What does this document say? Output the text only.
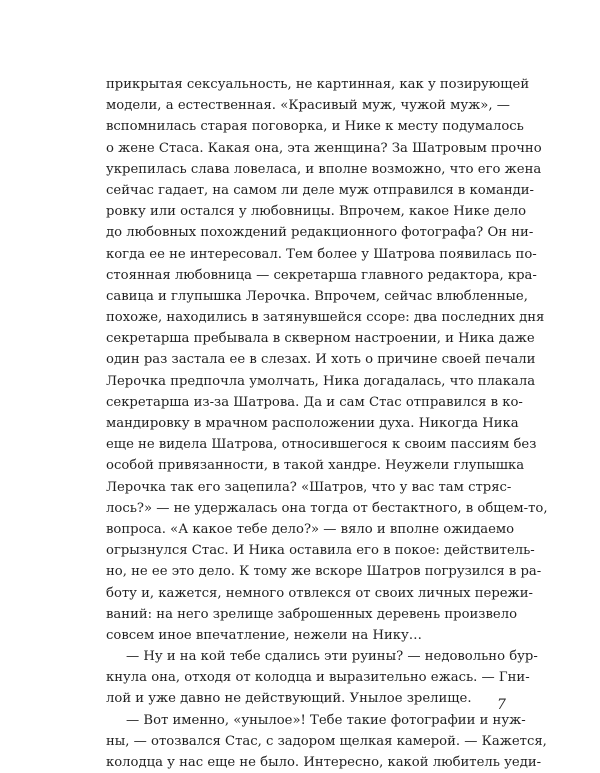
прикрытая сексуальность, не картинная, как у позирующей
модели, а естественная. «Красивый муж, чужой муж», —
вспомнилась старая поговорка, и Нике к месту подумалось
о жене Стаса. Какая она, эта женщина? За Шатровым прочно
укрепилась слава ловеласа, и вполне возможно, что его жена
сейчас гадает, на самом ли деле муж отправился в команди-
ровку или остался у любовницы. Впрочем, какое Нике дело
до любовных похождений редакционного фотографа? Он ни-
когда ее не интересовал. Тем более у Шатрова появилась по-
стоянная любовница — секретарша главного редактора, кра-
савица и глупышка Лерочка. Впрочем, сейчас влюбленные,
похоже, находились в затянувшейся ссоре: два последних дня
секретарша пребывала в скверном настроении, и Ника даже
один раз застала ее в слезах. И хоть о причине своей печали
Лерочка предпочла умолчать, Ника догадалась, что плакала
секретарша из-за Шатрова. Да и сам Стас отправился в ко-
мандировку в мрачном расположении духа. Никогда Ника
еще не видела Шатрова, относившегося к своим пассиям без
особой привязанности, в такой хандре. Неужели глупышка
Лерочка так его зацепила? «Шатров, что у вас там стряс-
лось?» — не удержалась она тогда от бестактного, в общем-то,
вопроса. «А какое тебе дело?» — вяло и вполне ожидаемо
огрызнулся Стас. И Ника оставила его в покое: действитель-
но, не ее это дело. К тому же вскоре Шатров погрузился в ра-
боту и, кажется, немного отвлекся от своих личных пережи-
ваний: на него зрелище заброшенных деревень произвело
совсем иное впечатление, нежели на Нику…
— Ну и на кой тебе сдались эти руины? — недовольно бур-
кнула она, отходя от колодца и выразительно ежась. — Гни-
лой и уже давно не действующий. Унылое зрелище.
— Вот именно, «унылое»! Тебе такие фотографии и нуж-
ны, — отозвался Стас, с задором щелкая камерой. — Кажется,
колодца у нас еще не было. Интересно, какой любитель уеди-
7
